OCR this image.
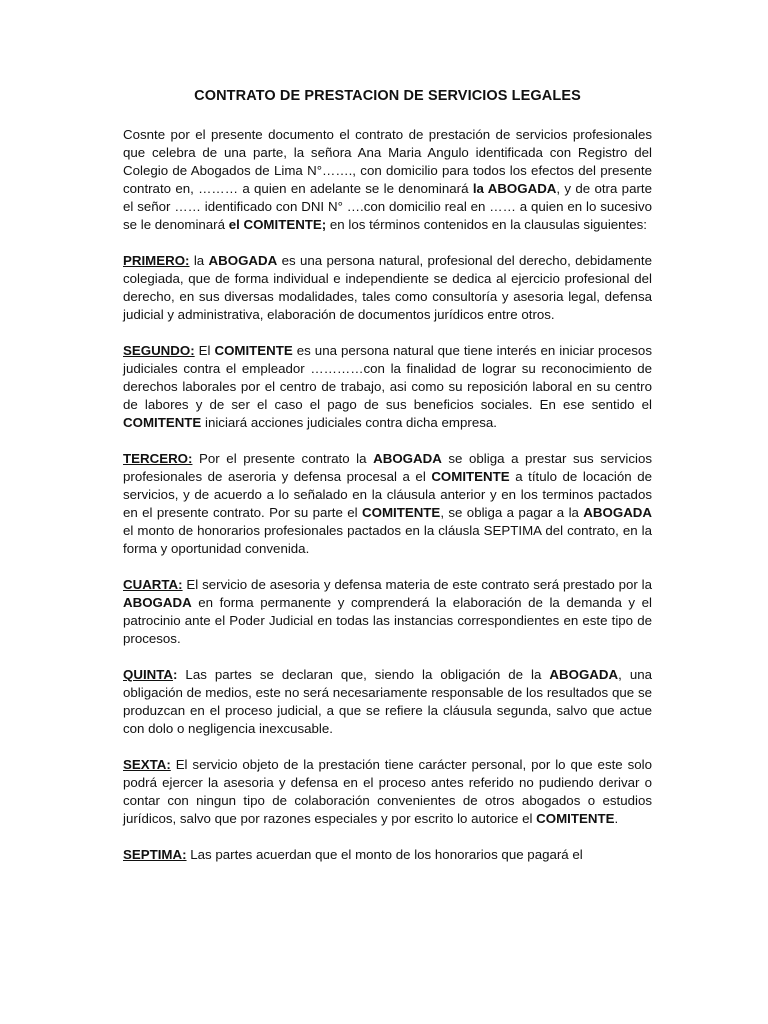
CONTRATO DE PRESTACION DE SERVICIOS LEGALES

Cosnte por el presente documento el contrato de prestación de servicios profesionales que celebra de una parte, la señora Ana Maria Angulo identificada con Registro del Colegio de Abogados de Lima N°……., con domicilio para todos los efectos del presente contrato en, ……… a quien en adelante se le denominará la ABOGADA, y de otra parte el señor …… identificado con DNI N° ….con domicilio real en …… a quien en lo sucesivo se le denominará el COMITENTE; en los términos contenidos en la clausulas siguientes:

PRIMERO: la ABOGADA es una persona natural, profesional del derecho, debidamente colegiada, que de forma individual e independiente se dedica al ejercicio profesional del derecho, en sus diversas modalidades, tales como consultoría y asesoria legal, defensa judicial y administrativa, elaboración de documentos jurídicos entre otros.

SEGUNDO: El COMITENTE es una persona natural que tiene interés en iniciar procesos judiciales contra el empleador …………con la finalidad de lograr su reconocimiento de derechos laborales por el centro de trabajo, asi como su reposición laboral en su centro de labores y de ser el caso el pago de sus beneficios sociales. En ese sentido el COMITENTE iniciará acciones judiciales contra dicha empresa.

TERCERO: Por el presente contrato la ABOGADA se obliga a prestar sus servicios profesionales de aseroria y defensa procesal a el COMITENTE a título de locación de servicios, y de acuerdo a lo señalado en la cláusula anterior y en los terminos pactados en el presente contrato. Por su parte el COMITENTE, se obliga a pagar a la ABOGADA el monto de honorarios profesionales pactados en la cláusla SEPTIMA del contrato, en la forma y oportunidad convenida.

CUARTA: El servicio de asesoria y defensa materia de este contrato será prestado por la ABOGADA en forma permanente y comprenderá la elaboración de la demanda y el patrocinio ante el Poder Judicial en todas las instancias correspondientes en este tipo de procesos.

QUINTA: Las partes se declaran que, siendo la obligación de la ABOGADA, una obligación de medios, este no será necesariamente responsable de los resultados que se produzcan en el proceso judicial, a que se refiere la cláusula segunda, salvo que actue con dolo o negligencia inexcusable.

SEXTA: El servicio objeto de la prestación tiene carácter personal, por lo que este solo podrá ejercer la asesoria y defensa en el proceso antes referido no pudiendo derivar o contar con ningun tipo de colaboración convenientes de otros abogados o estudios jurídicos, salvo que por razones especiales y por escrito lo autorice el COMITENTE.

SEPTIMA: Las partes acuerdan que el monto de los honorarios que pagará el
